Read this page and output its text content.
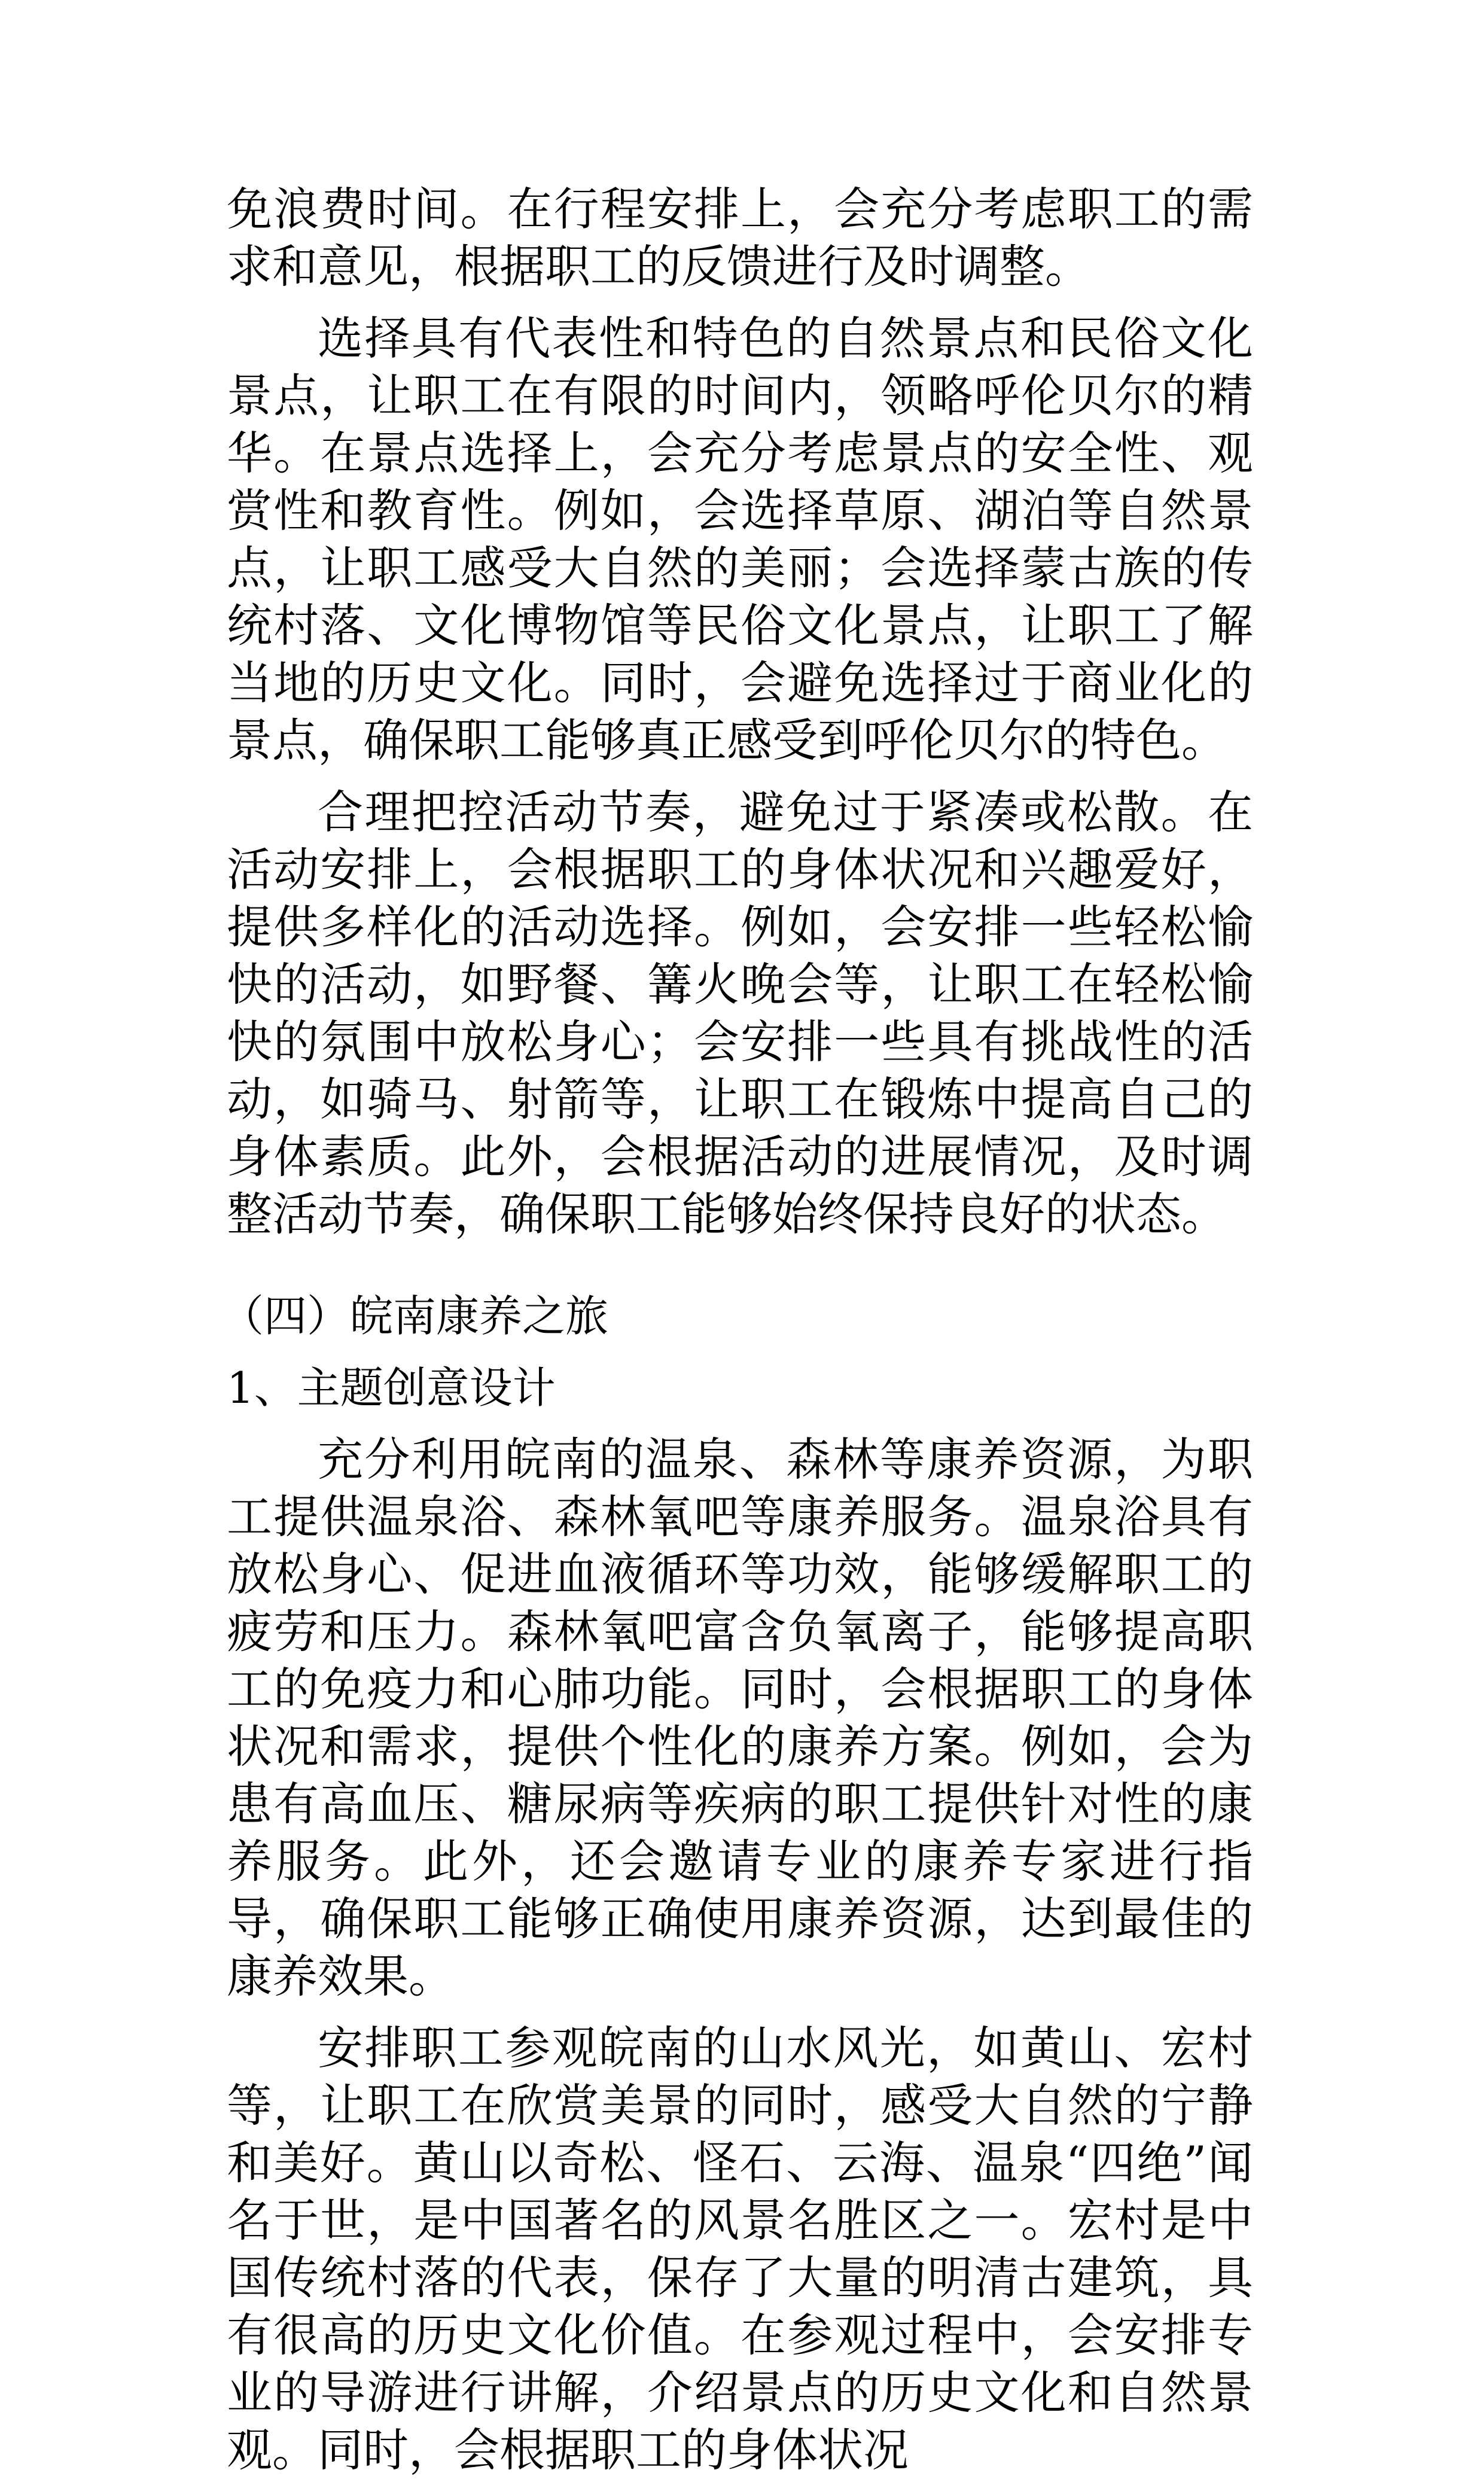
免浪费时间。在行程安排上，会充分考虑职工的需求和意见，根据职工的反馈进行及时调整。

选择具有代表性和特色的自然景点和民俗文化景点，让职工在有限的时间内，领略呼伦贝尔的精华。在景点选择上，会充分考虑景点的安全性、观赏性和教育性。例如，会选择草原、湖泊等自然景点，让职工感受大自然的美丽；会选择蒙古族的传统村落、文化博物馆等民俗文化景点，让职工了解当地的历史文化。同时，会避免选择过于商业化的景点，确保职工能够真正感受到呼伦贝尔的特色。

合理把控活动节奏，避免过于紧凑或松散。在活动安排上，会根据职工的身体状况和兴趣爱好，提供多样化的活动选择。例如，会安排一些轻松愉快的活动，如野餐、篝火晚会等，让职工在轻松愉快的氛围中放松身心；会安排一些具有挑战性的活动，如骑马、射箭等，让职工在锻炼中提高自己的身体素质。此外，会根据活动的进展情况，及时调整活动节奏，确保职工能够始终保持良好的状态。

（四）皖南康养之旅
1、主题创意设计

充分利用皖南的温泉、森林等康养资源，为职工提供温泉浴、森林氧吧等康养服务。温泉浴具有放松身心、促进血液循环等功效，能够缓解职工的疲劳和压力。森林氧吧富含负氧离子，能够提高职工的免疫力和心肺功能。同时，会根据职工的身体状况和需求，提供个性化的康养方案。例如，会为患有高血压、糖尿病等疾病的职工提供针对性的康养服务。此外，还会邀请专业的康养专家进行指导，确保职工能够正确使用康养资源，达到最佳的康养效果。

安排职工参观皖南的山水风光，如黄山、宏村等，让职工在欣赏美景的同时，感受大自然的宁静和美好。黄山以奇松、怪石、云海、温泉“四绝”闻名于世，是中国著名的风景名胜区之一。宏村是中国传统村落的代表，保存了大量的明清古建筑，具有很高的历史文化价值。在参观过程中，会安排专业的导游进行讲解，介绍景点的历史文化和自然景观。同时，会根据职工的身体状况
